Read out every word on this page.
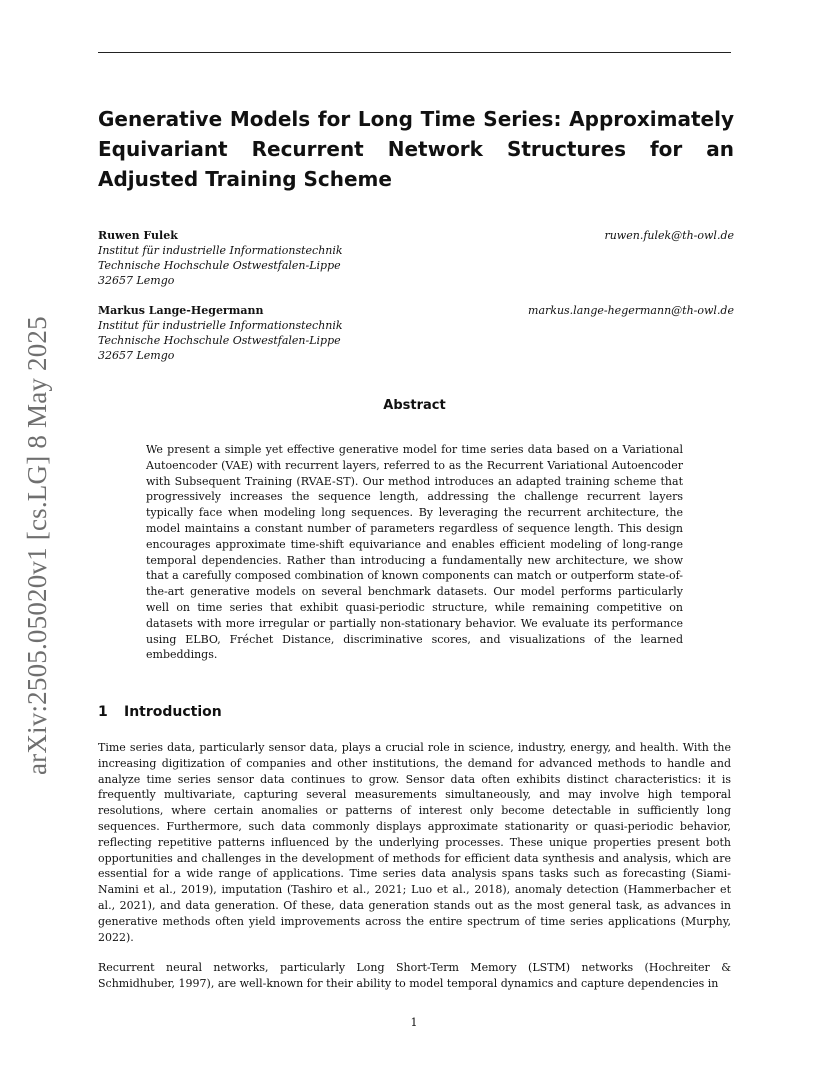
arXiv:2505.05020v1 [cs.LG] 8 May 2025
Generative Models for Long Time Series: Approximately Equivariant Recurrent Network Structures for an Adjusted Training Scheme
Ruwen Fulek	ruwen.fulek@th-owl.de
Institut für industrielle Informationstechnik
Technische Hochschule Ostwestfalen-Lippe
32657 Lemgo
Markus Lange-Hegermann	markus.lange-hegermann@th-owl.de
Institut für industrielle Informationstechnik
Technische Hochschule Ostwestfalen-Lippe
32657 Lemgo
Abstract

We present a simple yet effective generative model for time series data based on a Variational Autoencoder (VAE) with recurrent layers, referred to as the Recurrent Variational Autoencoder with Subsequent Training (RVAE-ST). Our method introduces an adapted training scheme that progressively increases the sequence length, addressing the challenge recurrent layers typically face when modeling long sequences. By leveraging the recurrent architecture, the model maintains a constant number of parameters regardless of sequence length. This design encourages approximate time-shift equivariance and enables efficient modeling of long-range temporal dependencies. Rather than introducing a fundamentally new architecture, we show that a carefully composed combination of known components can match or outperform state-of-the-art generative models on several benchmark datasets. Our model performs particularly well on time series that exhibit quasi-periodic structure, while remaining competitive on datasets with more irregular or partially non-stationary behavior. We evaluate its performance using ELBO, Fréchet Distance, discriminative scores, and visualizations of the learned embeddings.

1 Introduction

Time series data, particularly sensor data, plays a crucial role in science, industry, energy, and health. With the increasing digitization of companies and other institutions, the demand for advanced methods to handle and analyze time series sensor data continues to grow. Sensor data often exhibits distinct characteristics: it is frequently multivariate, capturing several measurements simultaneously, and may involve high temporal resolutions, where certain anomalies or patterns of interest only become detectable in sufficiently long sequences. Furthermore, such data commonly displays approximate stationarity or quasi-periodic behavior, reflecting repetitive patterns influenced by the underlying processes. These unique properties present both opportunities and challenges in the development of methods for efficient data synthesis and analysis, which are essential for a wide range of applications. Time series data analysis spans tasks such as forecasting (Siami-Namini et al., 2019), imputation (Tashiro et al., 2021; Luo et al., 2018), anomaly detection (Hammerbacher et al., 2021), and data generation. Of these, data generation stands out as the most general task, as advances in generative methods often yield improvements across the entire spectrum of time series applications (Murphy, 2022).

Recurrent neural networks, particularly Long Short-Term Memory (LSTM) networks (Hochreiter & Schmidhuber, 1997), are well-known for their ability to model temporal dynamics and capture dependencies in

1
